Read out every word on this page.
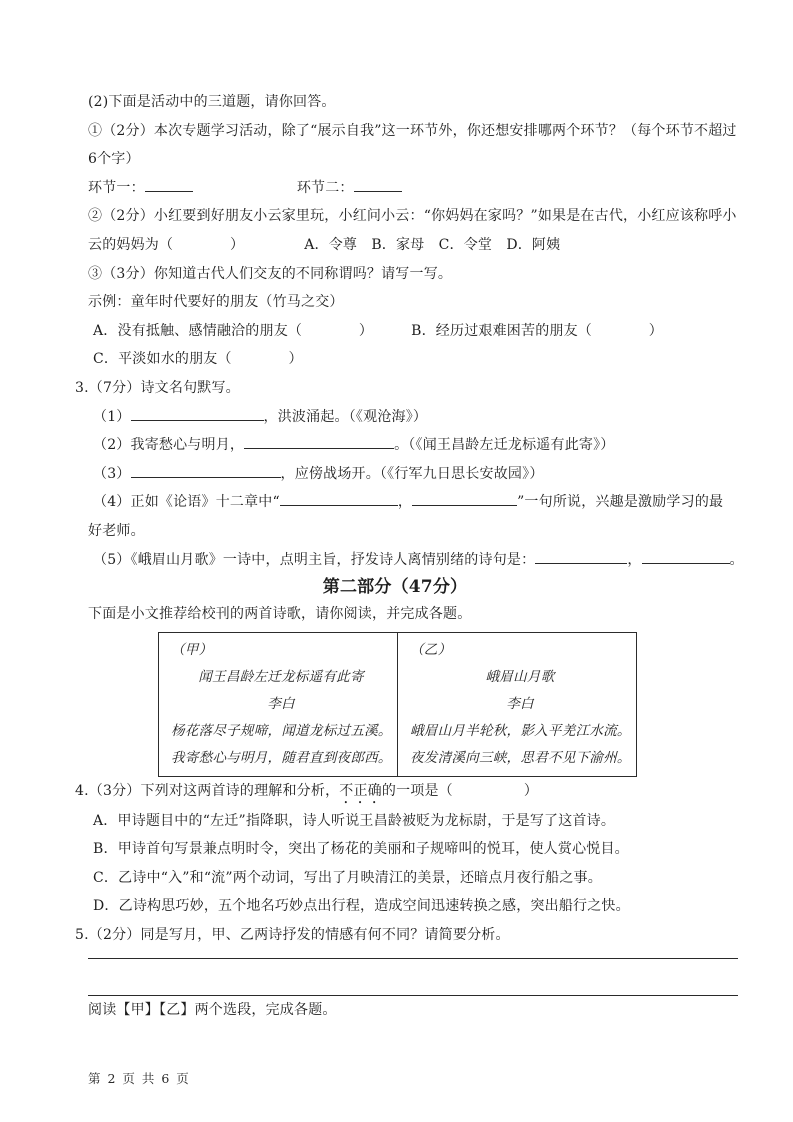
(2)下面是活动中的三道题，请你回答。
①（2分）本次专题学习活动，除了“展示自我”这一环节外，你还想安排哪两个环节？（每个环节不超过
6个字）
环节一：	环节二：
②（2分）小红要到好朋友小云家里玩，小红问小云：“你妈妈在家吗？”如果是在古代，小红应该称呼小
云的妈妈为（　　　　）	A．令尊　B．家母　C．令堂　D．阿姨
③（3分）你知道古代人们交友的不同称谓吗？请写一写。
示例：童年时代要好的朋友（竹马之交）
A．没有抵触、感情融洽的朋友（　　　　）	B．经历过艰难困苦的朋友（　　　　）
C．平淡如水的朋友（　　　　）
3.（7分）诗文名句默写。
（1）	，洪波涌起。（《观沧海》）
（2）我寄愁心与明月，	。（《闻王昌龄左迁龙标遥有此寄》）
（3）	，应傍战场开。（《行军九日思长安故园》）
（4）正如《论语》十二章中“	，	”一句所说，兴趣是激励学习的最
好老师。
（5）《峨眉山月歌》一诗中，点明主旨，抒发诗人离情别绪的诗句是：	，	。
第二部分（47分）
下面是小文推荐给校刊的两首诗歌，请你阅读，并完成各题。
（甲）
闻王昌龄左迁龙标遥有此寄
李白
杨花落尽子规啼，闻道龙标过五溪。
我寄愁心与明月，随君直到夜郎西。

（乙）
峨眉山月歌
李白
峨眉山月半轮秋，影入平羌江水流。
夜发清溪向三峡，思君不见下渝州。
4.（3分）下列对这两首诗的理解和分析，不正确的一项是（　　　　　）
A．甲诗题目中的“左迁”指降职，诗人听说王昌龄被贬为龙标尉，于是写了这首诗。
B．甲诗首句写景兼点明时令，突出了杨花的美丽和子规啼叫的悦耳，使人赏心悦目。
C．乙诗中“入”和“流”两个动词，写出了月映清江的美景，还暗点月夜行船之事。
D．乙诗构思巧妙，五个地名巧妙点出行程，造成空间迅速转换之感，突出船行之快。
5.（2分）同是写月，甲、乙两诗抒发的情感有何不同？请简要分析。
阅读【甲】【乙】两个选段，完成各题。
第 2 页 共 6 页
